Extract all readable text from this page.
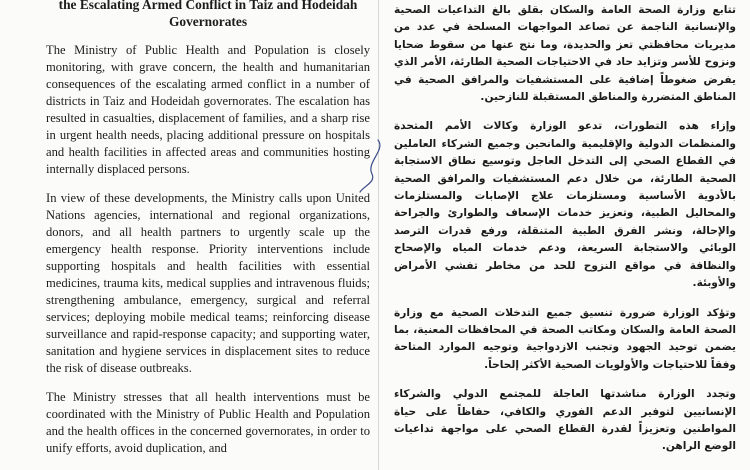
the Escalating Armed Conflict in Taiz and Hodeidah Governorates

The Ministry of Public Health and Population is closely monitoring, with grave concern, the health and humanitarian consequences of the escalating armed conflict in a number of districts in Taiz and Hodeidah governorates. The escalation has resulted in casualties, displacement of families, and a sharp rise in urgent health needs, placing additional pressure on hospitals and health facilities in affected areas and communities hosting internally displaced persons.

In view of these developments, the Ministry calls upon United Nations agencies, international and regional organizations, donors, and all health partners to urgently scale up the emergency health response. Priority interventions include supporting hospitals and health facilities with essential medicines, trauma kits, medical supplies and intravenous fluids; strengthening ambulance, emergency, surgical and referral services; deploying mobile medical teams; reinforcing disease surveillance and rapid-response capacity; and supporting water, sanitation and hygiene services in displacement sites to reduce the risk of disease outbreaks.

The Ministry stresses that all health interventions must be coordinated with the Ministry of Public Health and Population and the health offices in the concerned governorates, in order to unify efforts, avoid duplication, and

تتابع وزارة الصحة العامة والسكان بقلق بالغ التداعيات الصحية والإنسانية الناجمة عن تصاعد المواجهات المسلحة في عدد من مديريات محافظتي تعز والحديدة، وما نتج عنها من سقوط ضحايا ونزوح للأسر وتزايد حاد في الاحتياجات الصحية الطارئة، الأمر الذي يفرض ضغوطاً إضافية على المستشفيات والمرافق الصحية في المناطق المتضررة والمناطق المستقبلة للنازحين.

وإزاء هذه التطورات، تدعو الوزارة وكالات الأمم المتحدة والمنظمات الدولية والإقليمية والمانحين وجميع الشركاء العاملين في القطاع الصحي إلى التدخل العاجل وتوسيع نطاق الاستجابة الصحية الطارئة، من خلال دعم المستشفيات والمرافق الصحية بالأدوية الأساسية ومستلزمات علاج الإصابات والمستلزمات والمحاليل الطبية، وتعزيز خدمات الإسعاف والطوارئ والجراحة والإحالة، ونشر الفرق الطبية المتنقلة، ورفع قدرات الترصد الوبائي والاستجابة السريعة، ودعم خدمات المياه والإصحاح والنظافة في مواقع النزوح للحد من مخاطر تفشي الأمراض والأوبئة.

وتؤكد الوزارة ضرورة تنسيق جميع التدخلات الصحية مع وزارة الصحة العامة والسكان ومكاتب الصحة في المحافظات المعنية، بما يضمن توحيد الجهود وتجنب الازدواجية وتوجيه الموارد المتاحة وفقاً للاحتياجات والأولويات الصحية الأكثر إلحاحاً.

وتجدد الوزارة مناشدتها العاجلة للمجتمع الدولي والشركاء الإنسانيين لتوفير الدعم الفوري والكافي، حفاظاً على حياة المواطنين وتعزيزاً لقدرة القطاع الصحي على مواجهة تداعيات الوضع الراهن.
